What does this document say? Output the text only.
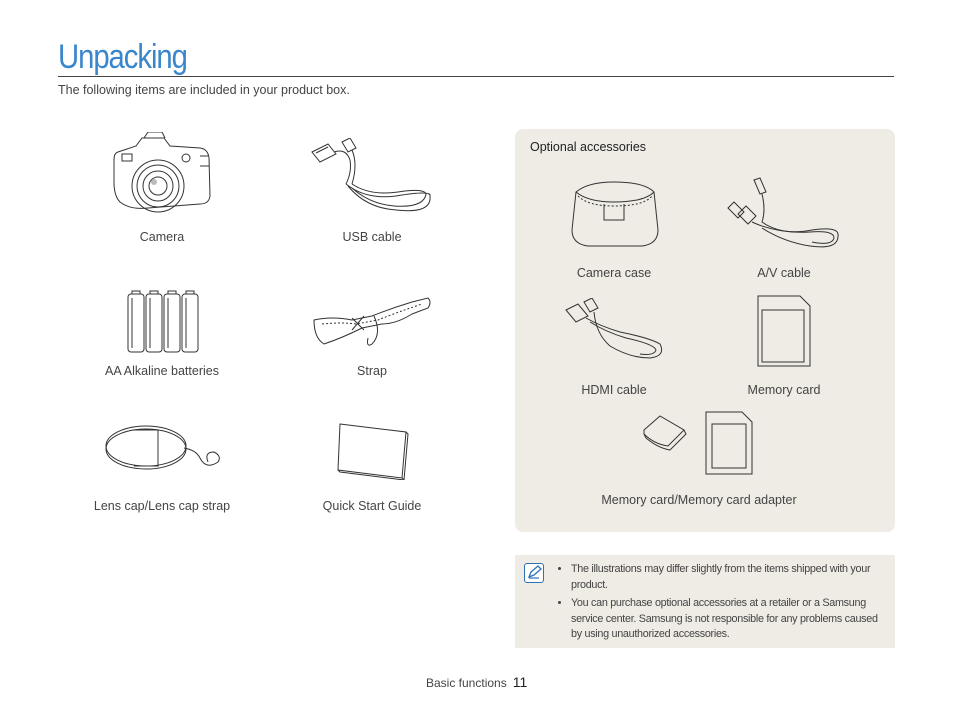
Unpacking
The following items are included in your product box.
Camera	USB cable
AA Alkaline batteries	Strap
Lens cap/Lens cap strap	Quick Start Guide
Optional accessories
Camera case	A/V cable
HDMI cable	Memory card
Memory card/Memory card adapter
• The illustrations may differ slightly from the items shipped with your product.
• You can purchase optional accessories at a retailer or a Samsung service center. Samsung is not responsible for any problems caused by using unauthorized accessories.
Basic functions 11
